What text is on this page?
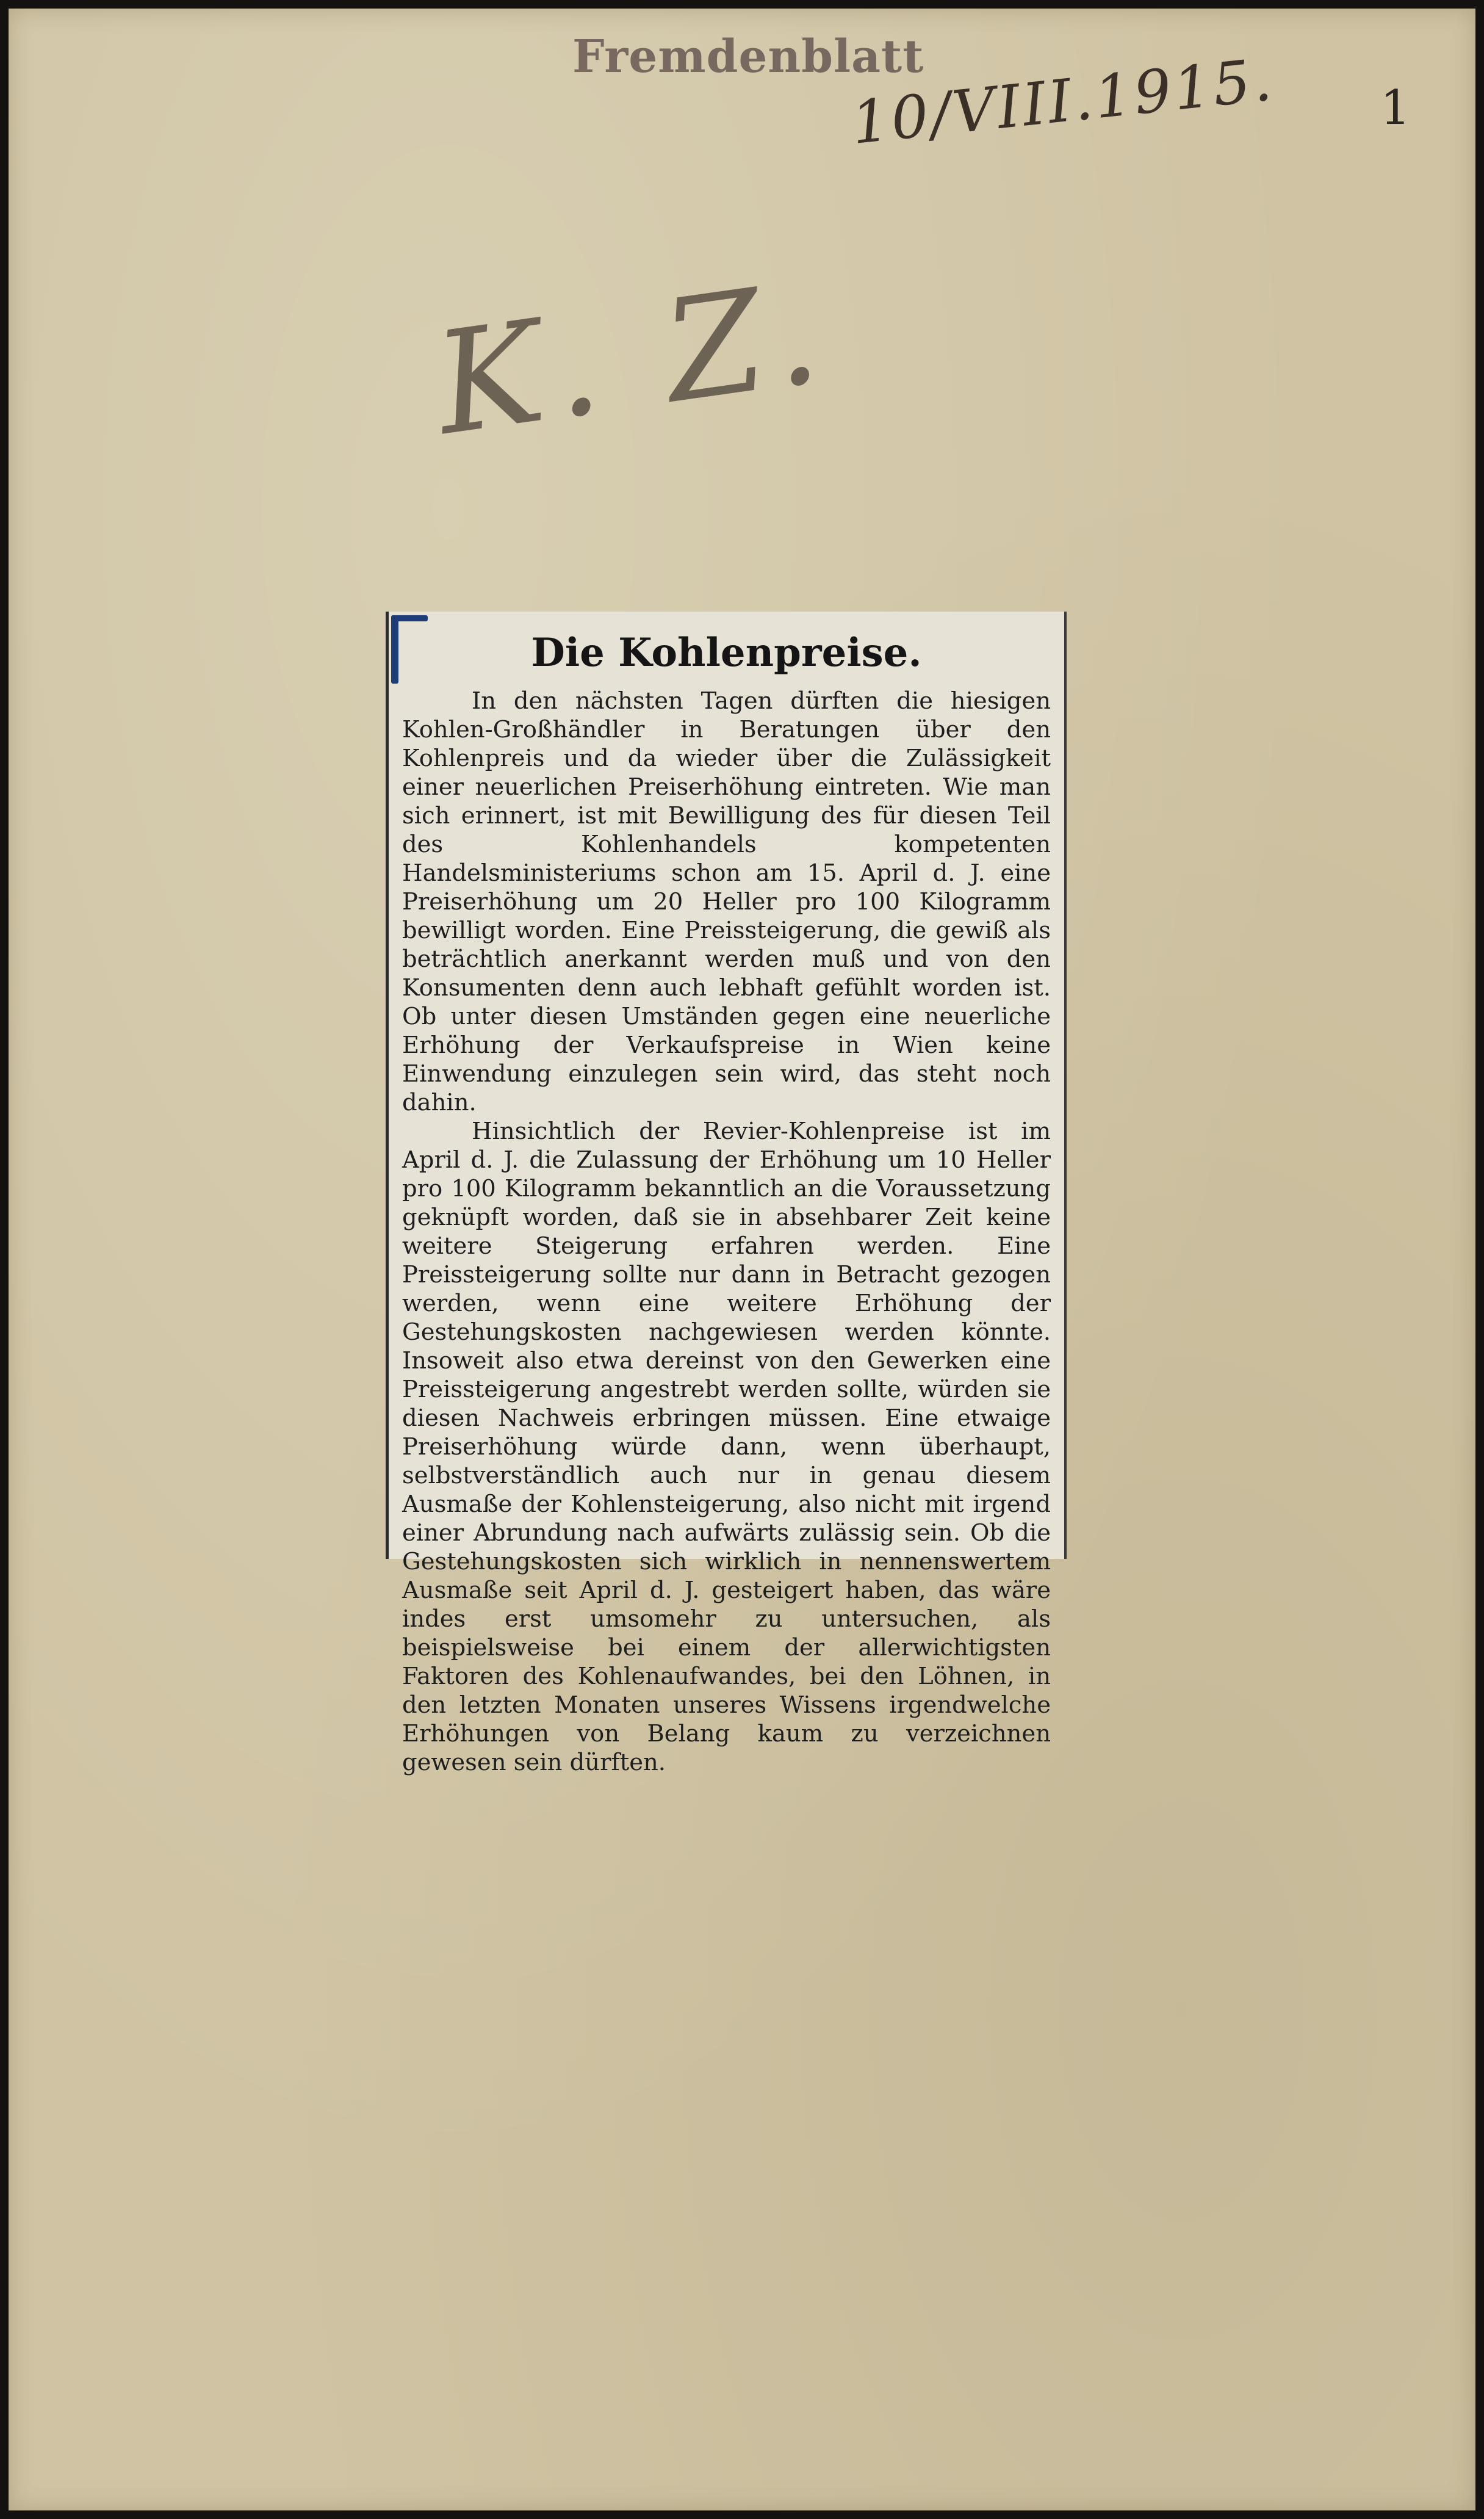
Fremdenblatt
10/VIII.1915. 1
K. Z.
Die Kohlenpreise.

In den nächsten Tagen dürften die hiesigen Kohlen-Großhändler in Beratungen über den Kohlenpreis und da wieder über die Zulässigkeit einer neuerlichen Preiserhöhung eintreten. Wie man sich erinnert, ist mit Bewilligung des für diesen Teil des Kohlenhandels kompetenten Handelsministeriums schon am 15. April d. J. eine Preiserhöhung um 20 Heller pro 100 Kilogramm bewilligt worden. Eine Preissteigerung, die gewiß als beträchtlich anerkannt werden muß und von den Konsumenten denn auch lebhaft gefühlt worden ist. Ob unter diesen Umständen gegen eine neuerliche Erhöhung der Verkaufspreise in Wien keine Einwendung einzulegen sein wird, das steht noch dahin.

Hinsichtlich der Revier-Kohlenpreise ist im April d. J. die Zulassung der Erhöhung um 10 Heller pro 100 Kilogramm bekanntlich an die Voraussetzung geknüpft worden, daß sie in absehbarer Zeit keine weitere Steigerung erfahren werden. Eine Preissteigerung sollte nur dann in Betracht gezogen werden, wenn eine weitere Erhöhung der Gestehungskosten nachgewiesen werden könnte. Insoweit also etwa dereinst von den Gewerken eine Preissteigerung angestrebt werden sollte, würden sie diesen Nachweis erbringen müssen. Eine etwaige Preiserhöhung würde dann, wenn überhaupt, selbstverständlich auch nur in genau diesem Ausmaße der Kohlensteigerung, also nicht mit irgend einer Abrundung nach aufwärts zulässig sein. Ob die Gestehungskosten sich wirklich in nennenswertem Ausmaße seit April d. J. gesteigert haben, das wäre indes erst umsomehr zu untersuchen, als beispielsweise bei einem der allerwichtigsten Faktoren des Kohlenaufwandes, bei den Löhnen, in den letzten Monaten unseres Wissens irgendwelche Erhöhungen von Belang kaum zu verzeichnen gewesen sein dürften.
